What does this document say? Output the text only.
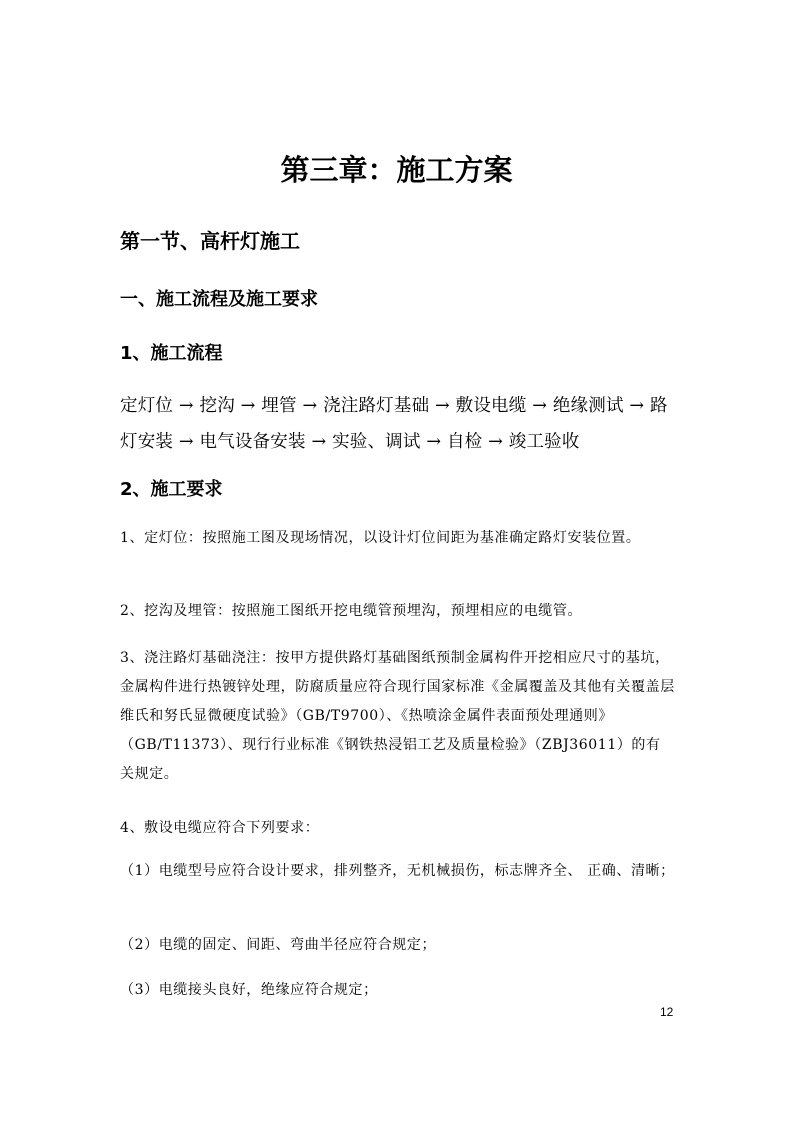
第三章：施工方案
第一节、高杆灯施工
一、施工流程及施工要求
1、施工流程

定灯位 → 挖沟 → 埋管 → 浇注路灯基础 → 敷设电缆 → 绝缘测试 → 路灯安装 → 电气设备安装 → 实验、调试 → 自检 → 竣工验收

2、施工要求

1、定灯位：按照施工图及现场情况，以设计灯位间距为基准确定路灯安装位置。

2、挖沟及埋管：按照施工图纸开挖电缆管预埋沟，预埋相应的电缆管。

3、浇注路灯基础浇注：按甲方提供路灯基础图纸预制金属构件开挖相应尺寸的基坑，金属构件进行热镀锌处理，防腐质量应符合现行国家标准《金属覆盖及其他有关覆盖层维氏和努氏显微硬度试验》（GB/T9700）、《热喷涂金属件表面预处理通则》（GB/T11373）、现行行业标准《钢铁热浸铝工艺及质量检验》（ZBJ36011）的有关规定。

4、敷设电缆应符合下列要求：

（1）电缆型号应符合设计要求，排列整齐，无机械损伤，标志牌齐全、 正确、清晰；

（2）电缆的固定、间距、弯曲半径应符合规定；

（3）电缆接头良好，绝缘应符合规定；

12
